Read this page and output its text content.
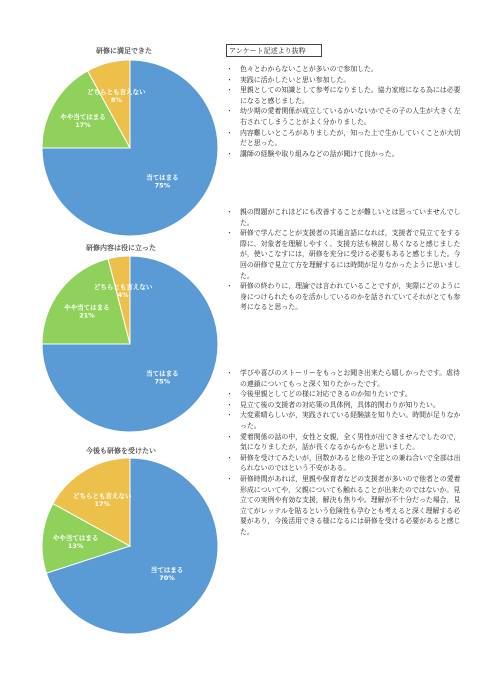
研修に満足できた
当てはまる
75%
やや当てはまる
17%
どちらとも言えない
8%
研修内容は役に立った
当てはまる
75%
やや当てはまる
21%
どちらとも言えない
4%
今後も研修を受けたい
当てはまる
70%
やや当てはまる
13%
どちらとも言えない
17%
アンケート記述より抜粋
・ 色々とわからないことが多いので参加した。
・ 実践に活かしたいと思い参加した。
・ 里親としての知識として参考になりました。協力家庭になる為には必要になると感じました。
・ 幼少期の愛着関係が成立しているかいないかでその子の人生が大きく左右されてしまうことがよく分かりました。
・ 内容難しいところがありましたが，知った上で生かしていくことが大切だと思った。
・ 講師の経験や取り組みなどの話が聞けて良かった。
・ 親の問題がこれほどにも改善することが難しいとは思っていませんでした。
・ 研修で学んだことが支援者の共通言語になれば，支援者で見立てをする際に、対象者を理解しやすく、支援方法も検討し易くなると感じましたが，使いこなすには，研修を充分に受ける必要もあると感じました。今回の研修で見立て方を理解するには時間が足りなかったように思いました。
・ 研修の終わりに，理論では言われていることですが，実際にどのように身につけられたものを活かしているのかを話されていてそれがとても参考になると思った。
・ 学びや喜びのストーリーをもっとお聞き出来たら嬉しかったです。虐待の連鎖についてもっと深く知りたかったです。
・ 今後里親としてどの様に対応できるのか知りたいです。
・ 見立て後の支援者の対応策の具体例，具体的関わりが知りたい。
・ 大変素晴らしいが，実践されている経験談を知りたい。時間が足りなかった。
・ 愛着関係の話の中，女性と女親，全く男性が出てきませんでしたので，気になりましたが，話が長くなるからかもと思いました。
・ 研修を受けてみたいが，回数があると他の予定との兼ね合いで全部は出られないのではという不安がある。
・ 研修時間があれば，里親や保育者などの支援者が多いので他者との愛着形成についてや，父親についても触れることが出来たのではないか。見立ての実例や有効な支援，解決も焦りや。理解が不十分だった場合，見立てがレッテルを貼るという危険性も孕むとも考えると深く理解する必要があり，今後活用できる様になるには研修を受ける必要があると感じた。
